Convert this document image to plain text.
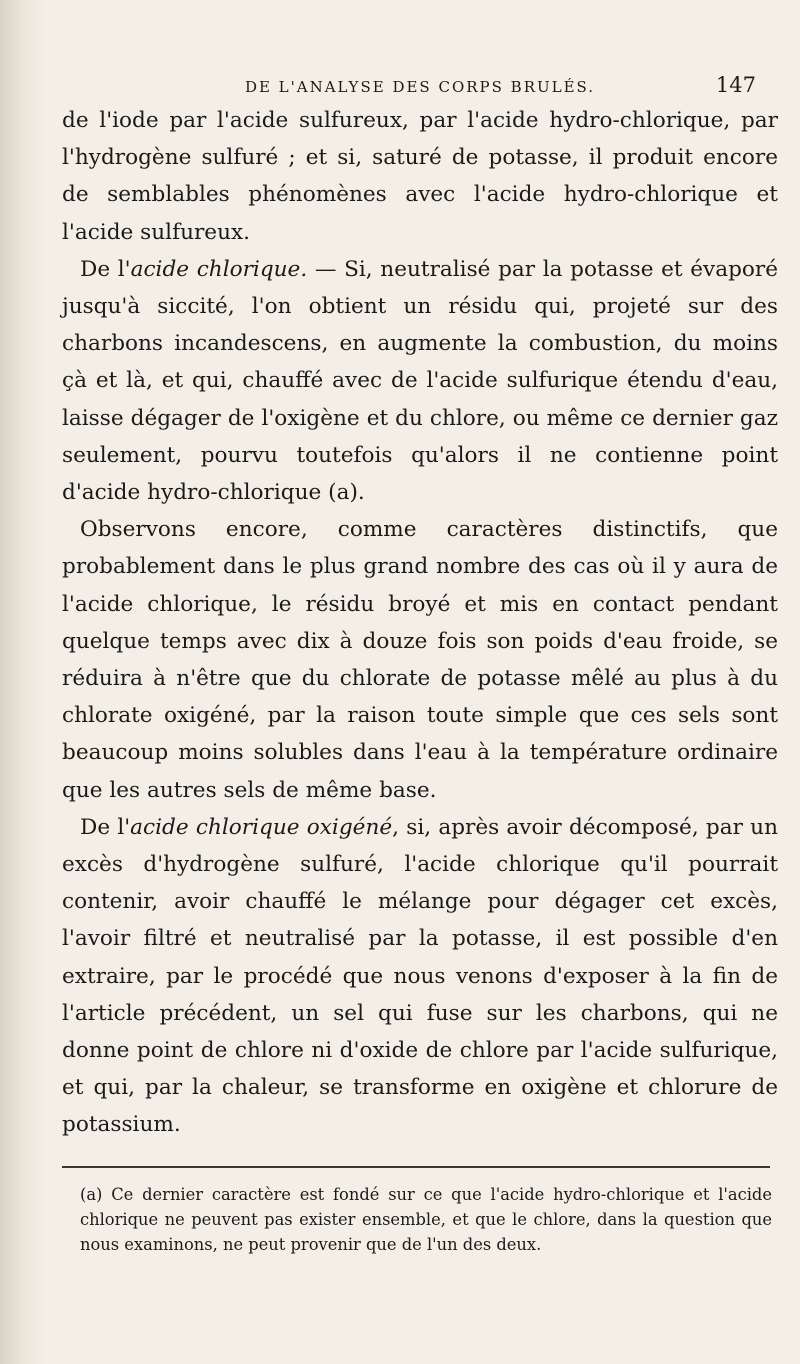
DE L'ANALYSE DES CORPS BRULÉS.	147

de l'iode par l'acide sulfureux, par l'acide hydro-chlorique, par l'hydrogène sulfuré ; et si, saturé de potasse, il produit encore de semblables phénomènes avec l'acide hydro-chlorique et l'acide sulfureux.

De l'acide chlorique. — Si, neutralisé par la potasse et évaporé jusqu'à siccité, l'on obtient un résidu qui, projeté sur des charbons incandescens, en augmente la combustion, du moins çà et là, et qui, chauffé avec de l'acide sulfurique étendu d'eau, laisse dégager de l'oxigène et du chlore, ou même ce dernier gaz seulement, pourvu toutefois qu'alors il ne contienne point d'acide hydro-chlorique (a).

Observons encore, comme caractères distinctifs, que probablement dans le plus grand nombre des cas où il y aura de l'acide chlorique, le résidu broyé et mis en contact pendant quelque temps avec dix à douze fois son poids d'eau froide, se réduira à n'être que du chlorate de potasse mêlé au plus à du chlorate oxigéné, par la raison toute simple que ces sels sont beaucoup moins solubles dans l'eau à la température ordinaire que les autres sels de même base.

De l'acide chlorique oxigéné, si, après avoir décomposé, par un excès d'hydrogène sulfuré, l'acide chlorique qu'il pourrait contenir, avoir chauffé le mélange pour dégager cet excès, l'avoir filtré et neutralisé par la potasse, il est possible d'en extraire, par le procédé que nous venons d'exposer à la fin de l'article précédent, un sel qui fuse sur les charbons, qui ne donne point de chlore ni d'oxide de chlore par l'acide sulfurique, et qui, par la chaleur, se transforme en oxigène et chlorure de potassium.

(a) Ce dernier caractère est fondé sur ce que l'acide hydro-chlorique et l'acide chlorique ne peuvent pas exister ensemble, et que le chlore, dans la question que nous examinons, ne peut provenir que de l'un des deux.
